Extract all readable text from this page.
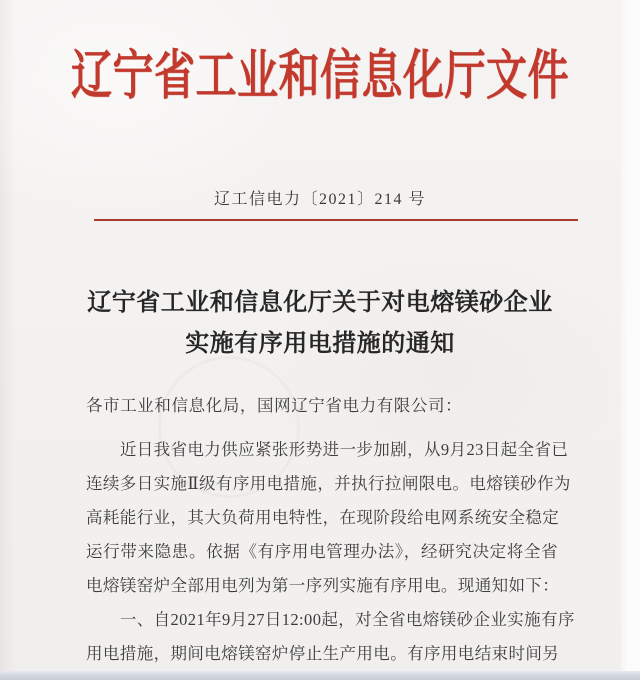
辽宁省工业和信息化厅文件
辽工信电力〔2021〕214 号
辽宁省工业和信息化厅关于对电熔镁砂企业
实施有序用电措施的通知
各市工业和信息化局，国网辽宁省电力有限公司：
近日我省电力供应紧张形势进一步加剧，从9月23日起全省已
连续多日实施Ⅱ级有序用电措施，并执行拉闸限电。电熔镁砂作为
高耗能行业，其大负荷用电特性，在现阶段给电网系统安全稳定
运行带来隐患。依据《有序用电管理办法》，经研究决定将全省
电熔镁窑炉全部用电列为第一序列实施有序用电。现通知如下：
一、自2021年9月27日12:00起，对全省电熔镁砂企业实施有序
用电措施，期间电熔镁窑炉停止生产用电。有序用电结束时间另
